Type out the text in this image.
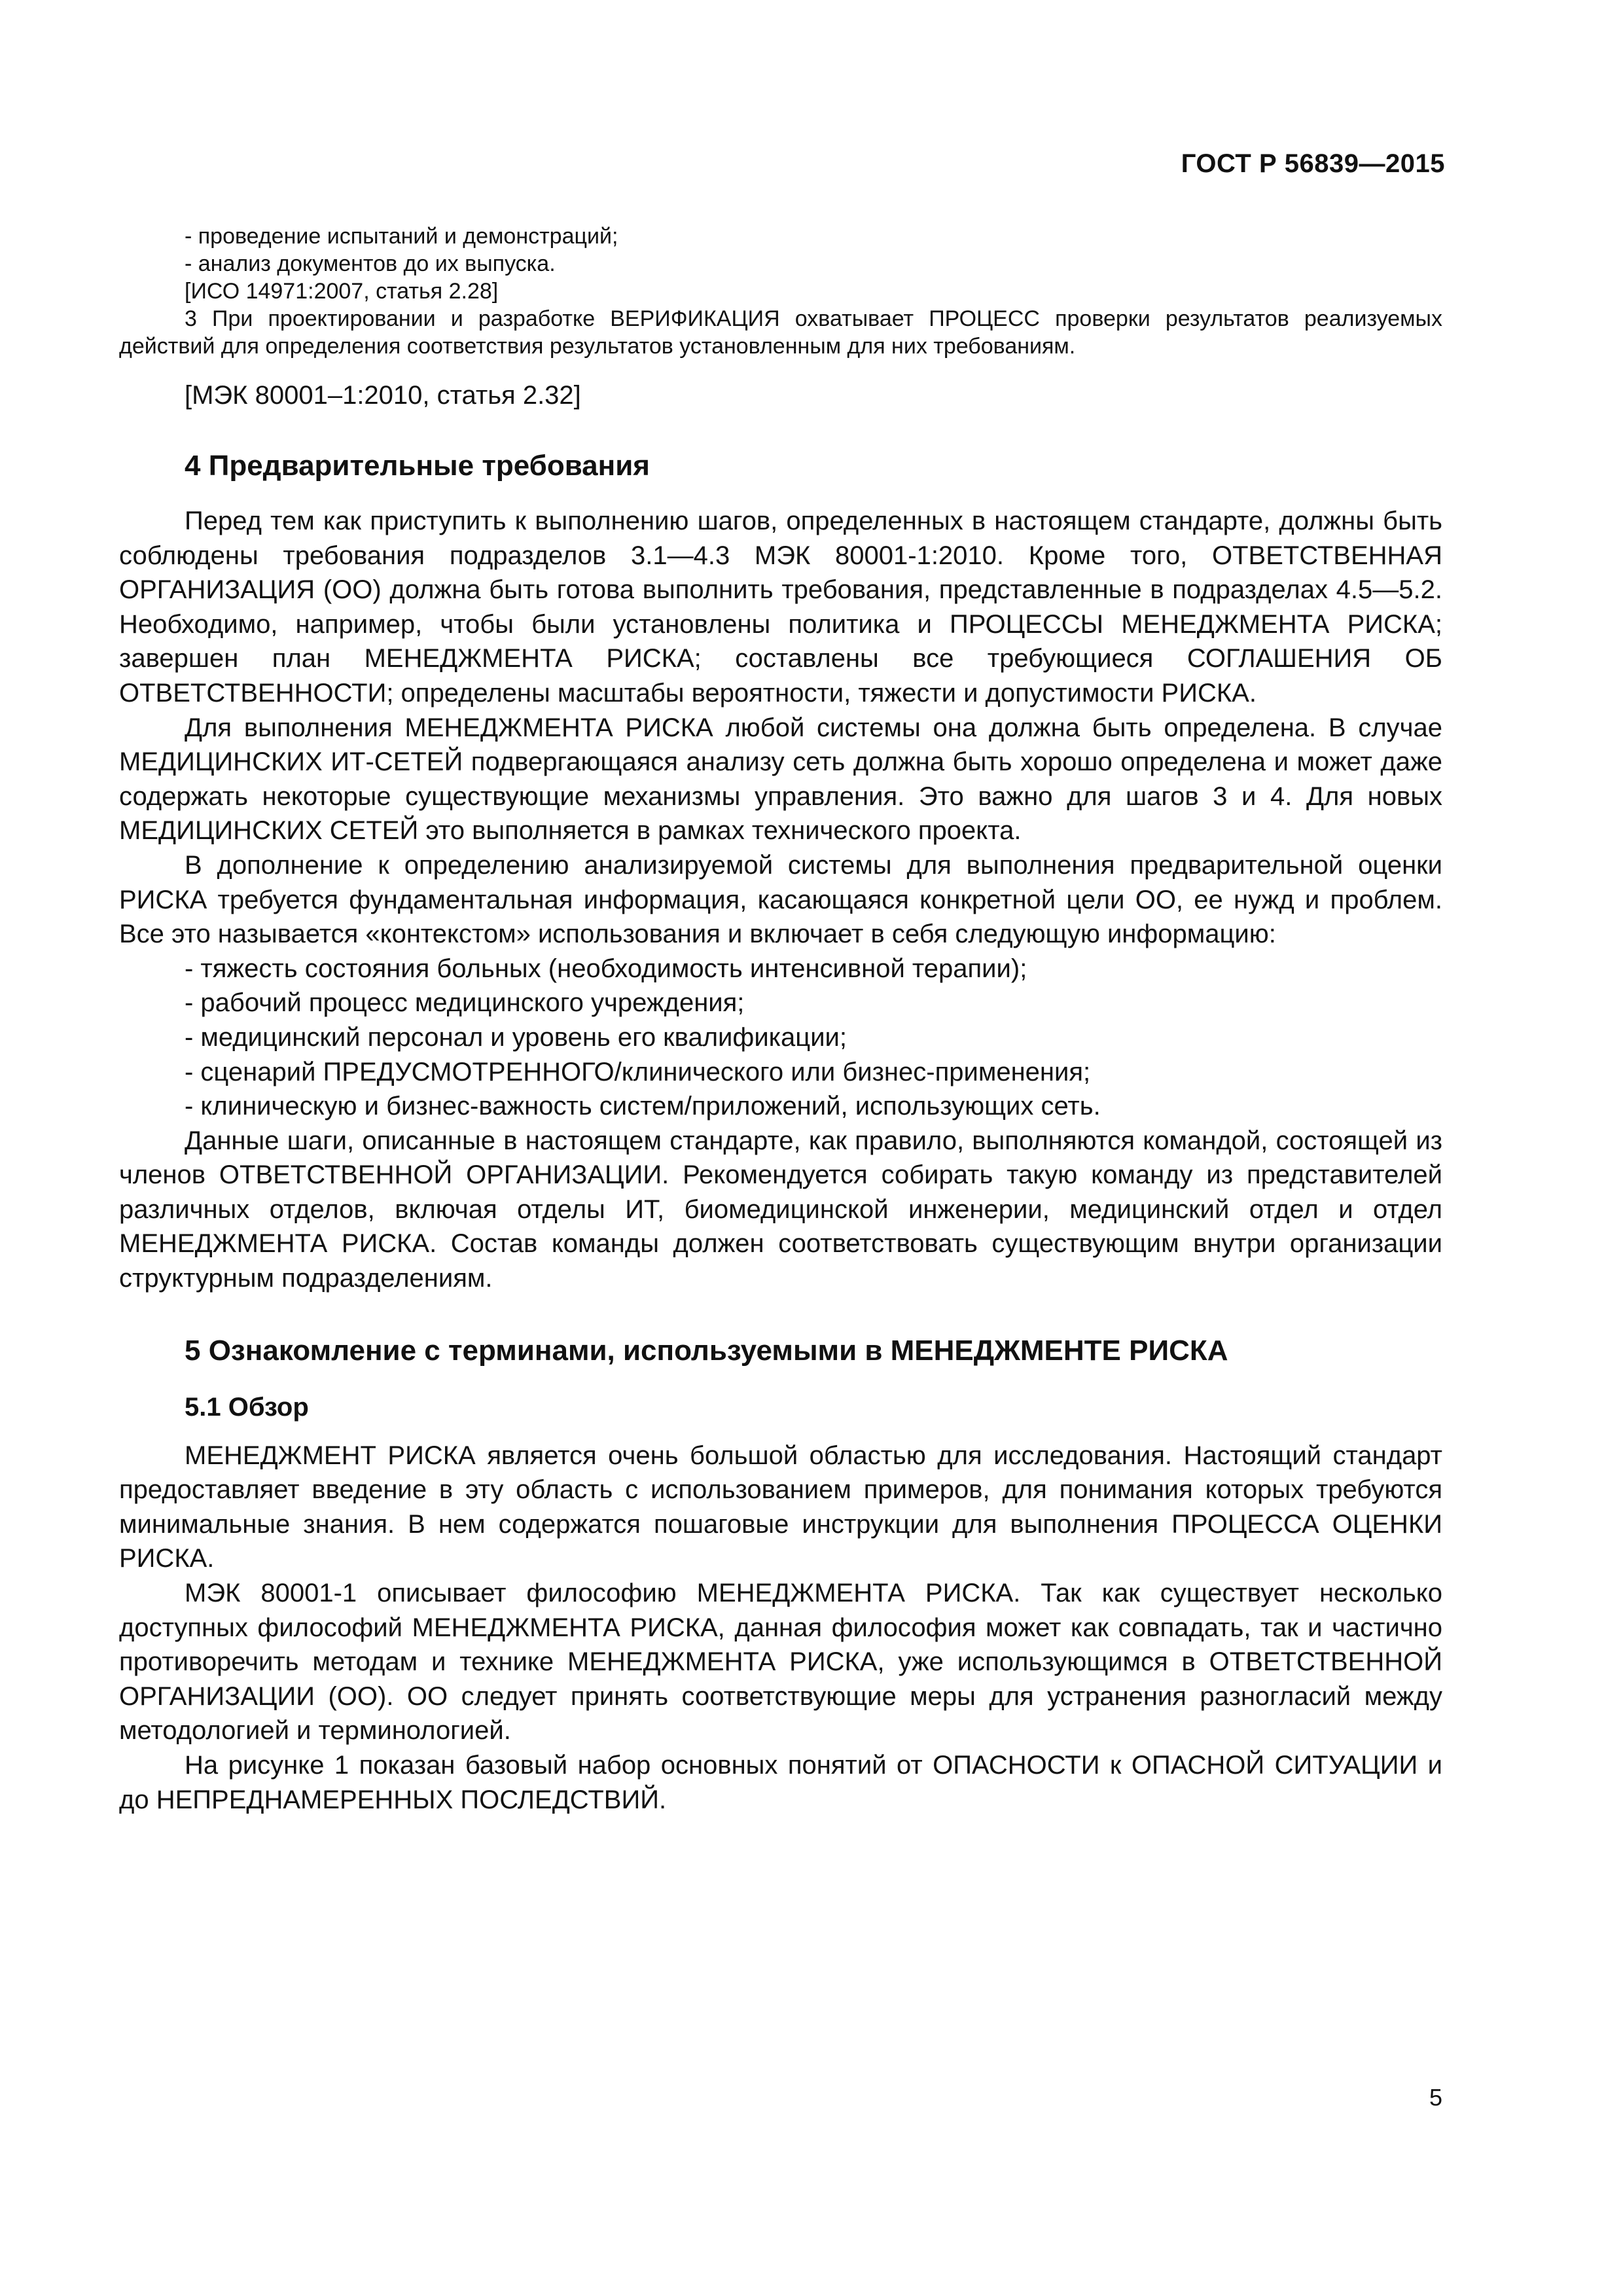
ГОСТ Р 56839—2015
- проведение испытаний и демонстраций;
- анализ документов до их выпуска.
[ИСО 14971:2007, статья 2.28]
3 При проектировании и разработке ВЕРИФИКАЦИЯ охватывает ПРОЦЕСС проверки результатов реализуемых действий для определения соответствия результатов установленным для них требованиям.
[МЭК 80001–1:2010, статья 2.32]
4 Предварительные требования

Перед тем как приступить к выполнению шагов, определенных в настоящем стандарте, должны быть соблюдены требования подразделов 3.1—4.3 МЭК 80001-1:2010. Кроме того, ОТВЕТСТВЕННАЯ ОРГАНИЗАЦИЯ (ОО) должна быть готова выполнить требования, представленные в подразделах 4.5—5.2. Необходимо, например, чтобы были установлены политика и ПРОЦЕССЫ МЕНЕДЖМЕНТА РИСКА; завершен план МЕНЕДЖМЕНТА РИСКА; составлены все требующиеся СОГЛАШЕНИЯ ОБ ОТВЕТСТВЕННОСТИ; определены масштабы вероятности, тяжести и допустимости РИСКА.

Для выполнения МЕНЕДЖМЕНТА РИСКА любой системы она должна быть определена. В случае МЕДИЦИНСКИХ ИТ-СЕТЕЙ подвергающаяся анализу сеть должна быть хорошо определена и может даже содержать некоторые существующие механизмы управления. Это важно для шагов 3 и 4. Для новых МЕДИЦИНСКИХ СЕТЕЙ это выполняется в рамках технического проекта.

В дополнение к определению анализируемой системы для выполнения предварительной оценки РИСКА требуется фундаментальная информация, касающаяся конкретной цели ОО, ее нужд и проблем. Все это называется «контекстом» использования и включает в себя следующую информацию:

- тяжесть состояния больных (необходимость интенсивной терапии);

- рабочий процесс медицинского учреждения;

- медицинский персонал и уровень его квалификации;

- сценарий ПРЕДУСМОТРЕННОГО/клинического или бизнес-применения;

- клиническую и бизнес-важность систем/приложений, использующих сеть.

Данные шаги, описанные в настоящем стандарте, как правило, выполняются командой, состоящей из членов ОТВЕТСТВЕННОЙ ОРГАНИЗАЦИИ. Рекомендуется собирать такую команду из представителей различных отделов, включая отделы ИТ, биомедицинской инженерии, медицинский отдел и отдел МЕНЕДЖМЕНТА РИСКА. Состав команды должен соответствовать существующим внутри организации структурным подразделениям.

5 Ознакомление с терминами, используемыми в МЕНЕДЖМЕНТЕ РИСКА
5.1 Обзор

МЕНЕДЖМЕНТ РИСКА является очень большой областью для исследования. Настоящий стандарт предоставляет введение в эту область с использованием примеров, для понимания которых требуются минимальные знания. В нем содержатся пошаговые инструкции для выполнения ПРОЦЕССА ОЦЕНКИ РИСКА.

МЭК 80001-1 описывает философию МЕНЕДЖМЕНТА РИСКА. Так как существует несколько доступных философий МЕНЕДЖМЕНТА РИСКА, данная философия может как совпадать, так и частично противоречить методам и технике МЕНЕДЖМЕНТА РИСКА, уже использующимся в ОТВЕТСТВЕННОЙ ОРГАНИЗАЦИИ (ОО). ОО следует принять соответствующие меры для устранения разногласий между методологией и терминологией.

На рисунке 1 показан базовый набор основных понятий от ОПАСНОСТИ к ОПАСНОЙ СИТУАЦИИ и до НЕПРЕДНАМЕРЕННЫХ ПОСЛЕДСТВИЙ.

5
